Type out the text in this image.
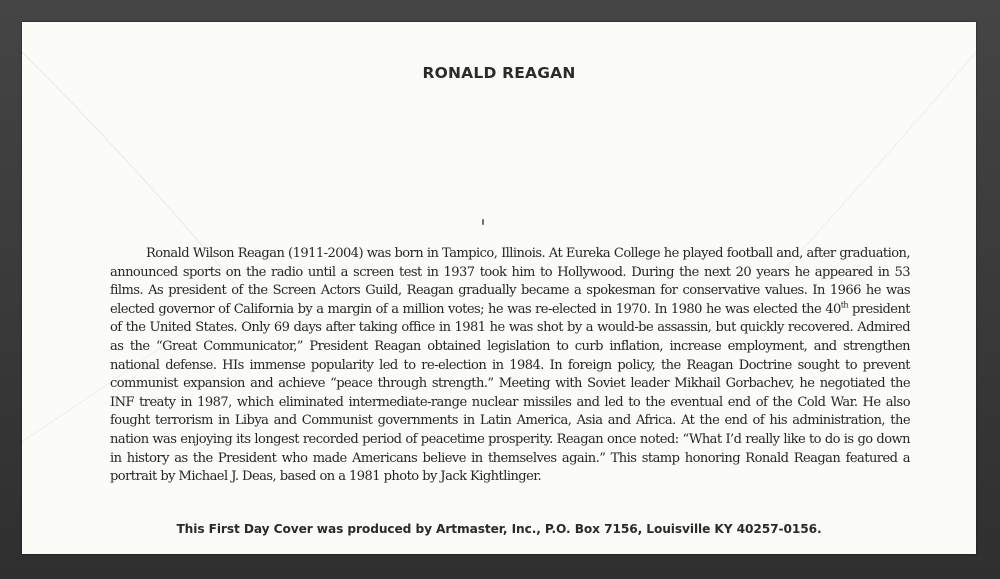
RONALD REAGAN

Ronald Wilson Reagan (1911-2004) was born in Tampico, Illinois. At Eureka College he played football and, after graduation, announced sports on the radio until a screen test in 1937 took him to Hollywood. During the next 20 years he appeared in 53 films. As president of the Screen Actors Guild, Reagan gradually became a spokesman for conservative values. In 1966 he was elected governor of California by a margin of a million votes; he was re-elected in 1970. In 1980 he was elected the 40th president of the United States. Only 69 days after taking office in 1981 he was shot by a would-be assassin, but quickly recovered. Admired as the “Great Communicator,” President Reagan obtained legislation to curb inflation, increase employment, and strengthen national defense. HIs immense popularity led to re-election in 1984. In foreign policy, the Reagan Doctrine sought to prevent communist expansion and achieve “peace through strength.” Meeting with Soviet leader Mikhail Gorbachev, he negotiated the INF treaty in 1987, which eliminated intermediate-range nuclear missiles and led to the eventual end of the Cold War. He also fought terrorism in Libya and Communist governments in Latin America, Asia and Africa. At the end of his administration, the nation was enjoying its longest recorded period of peacetime prosperity. Reagan once noted: “What I’d really like to do is go down in history as the President who made Americans believe in themselves again.” This stamp honoring Ronald Reagan featured a portrait by Michael J. Deas, based on a 1981 photo by Jack Kightlinger.

This First Day Cover was produced by Artmaster, Inc., P.O. Box 7156, Louisville KY 40257-0156.
